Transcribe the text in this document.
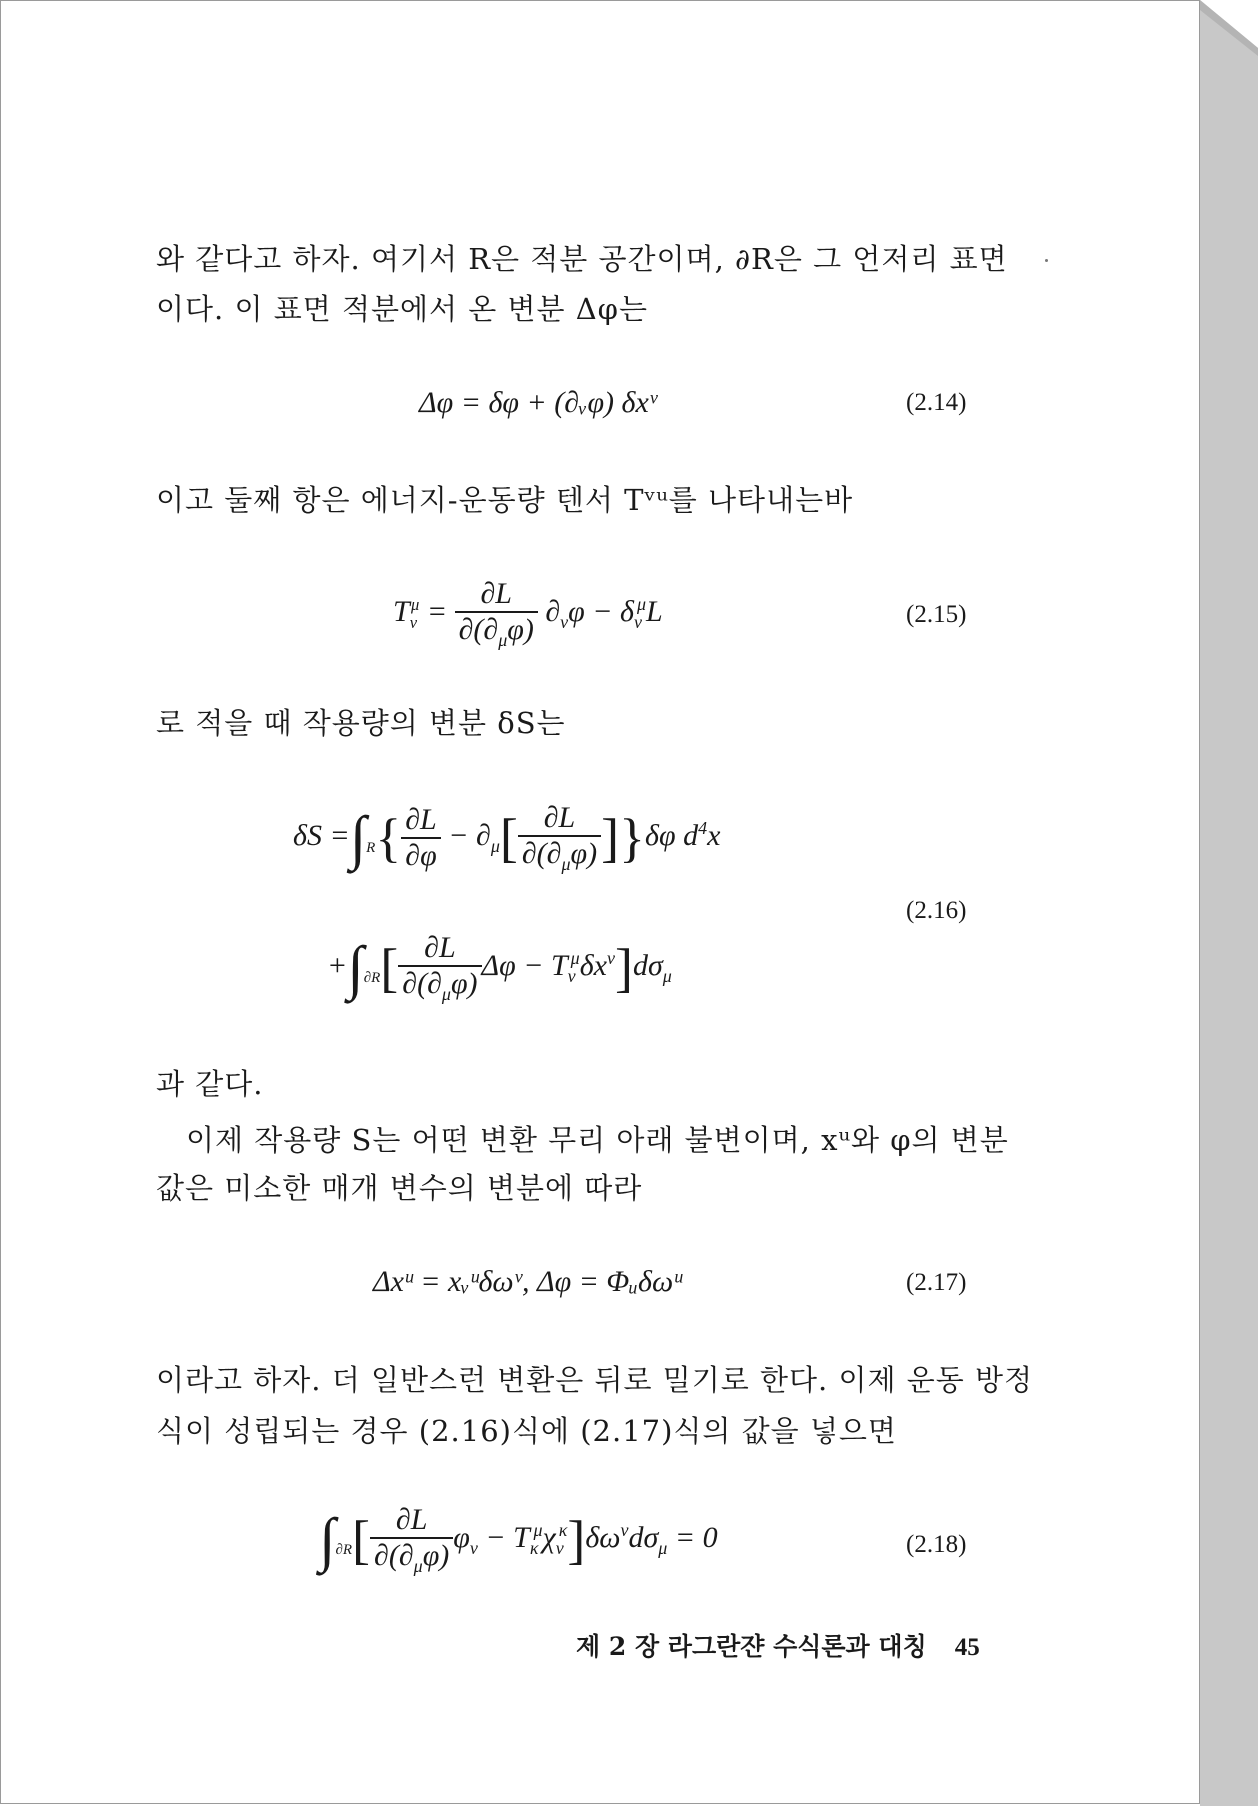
와 같다고 하자. 여기서 R은 적분 공간이며, ∂R은 그 언저리 표면

이다. 이 표면 적분에서 온 변분 Δφ는

Δφ = δφ + (∂ᵥφ) δxᵛ	(2.14)

이고 둘째 항은 에너지-운동량 텐서 Tᵛᵘ를 나타내는바

$T_\nu^\mu = \frac{\partial L}{\partial(\partial_\mu\varphi)} \partial_\nu\varphi - \delta_\nu^\mu L$	(2.15)

로 적을 때 작용량의 변분 δS는

$\delta S =\int_R\{ \frac{\partial L}{\partial\varphi} - \partial_\mu[ \frac{\partial L}{\partial(\partial_\mu\varphi)} ]\}\delta\varphi$ $d^4x$
(2.16)
$+\int_{\partial R}[ \frac{\partial L}{\partial(\partial_\mu\varphi)}$ $\Delta\varphi - T_\nu^\mu\delta x^\nu]d\sigma_\mu$

과 같다.

이제 작용량 S는 어떤 변환 무리 아래 불변이며, xᵘ와 φ의 변분

값은 미소한 매개 변수의 변분에 따라

Δxᵘ = xᵥᵘδωᵛ, Δφ = Φᵤδωᵘ	(2.17)

이라고 하자. 더 일반스런 변환은 뒤로 밀기로 한다. 이제 운동 방정

식이 성립되는 경우 (2.16)식에 (2.17)식의 값을 넣으면

$\int_{\partial R}[ \frac{\partial L}{\partial(\partial_\mu\varphi)} \varphi_\nu - T_\kappa^\mu\chi_\nu^\kappa]\delta\omega^\nu d\sigma_\mu = 0$	(2.18)
제 2 장 라그란쟌 수식론과 대칭 45
